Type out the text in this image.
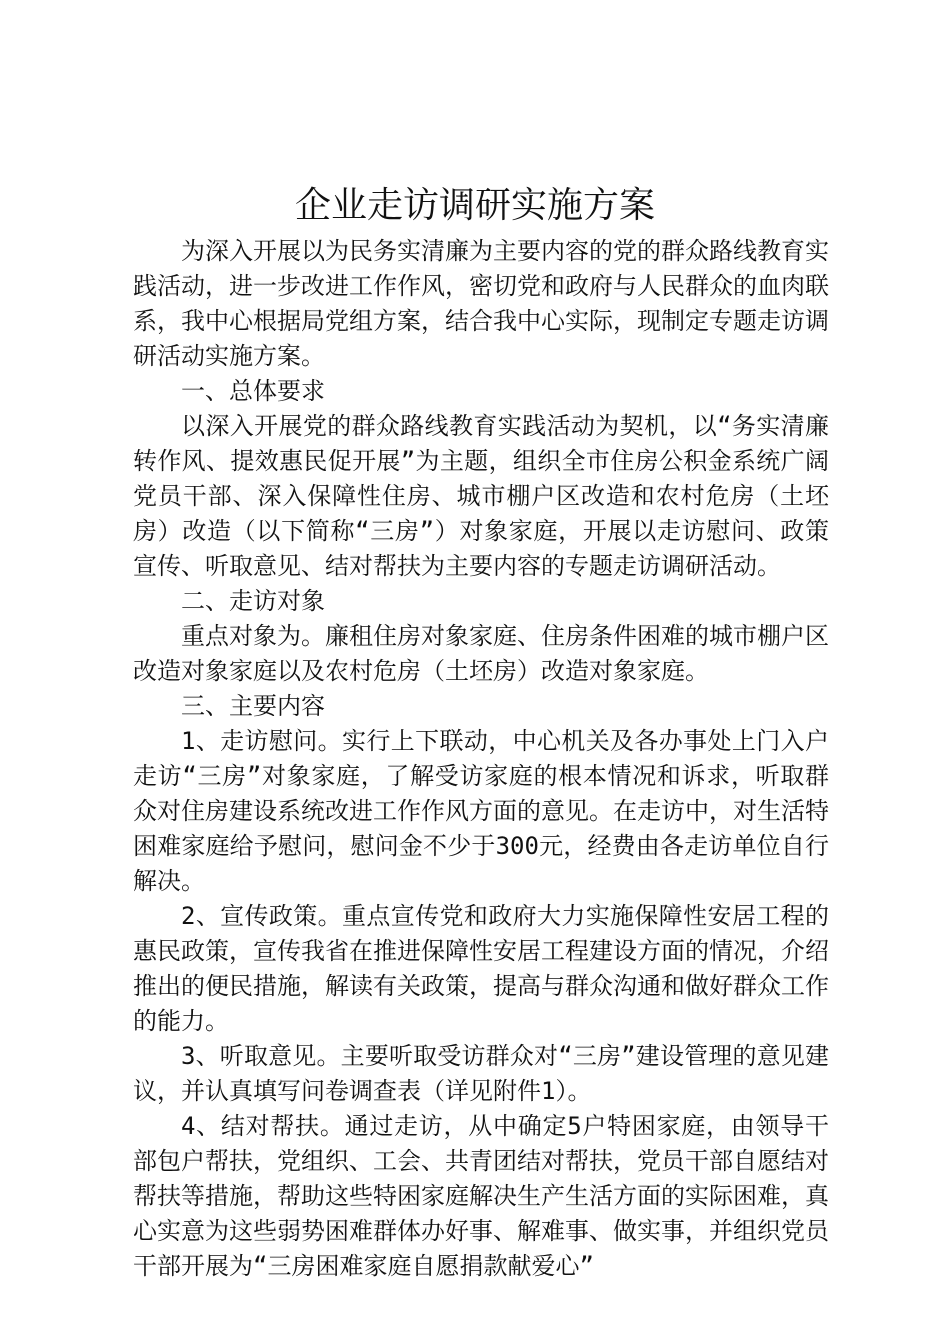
企业走访调研实施方案

为深入开展以为民务实清廉为主要内容的党的群众路线教育实践活动，进一步改进工作作风，密切党和政府与人民群众的血肉联系，我中心根据局党组方案，结合我中心实际，现制定专题走访调研活动实施方案。

一、总体要求

以深入开展党的群众路线教育实践活动为契机，以“务实清廉转作风、提效惠民促开展”为主题，组织全市住房公积金系统广阔党员干部、深入保障性住房、城市棚户区改造和农村危房（土坯房）改造（以下简称“三房”）对象家庭，开展以走访慰问、政策宣传、听取意见、结对帮扶为主要内容的专题走访调研活动。

二、走访对象

重点对象为。廉租住房对象家庭、住房条件困难的城市棚户区改造对象家庭以及农村危房（土坯房）改造对象家庭。

三、主要内容

1、走访慰问。实行上下联动，中心机关及各办事处上门入户走访“三房”对象家庭，了解受访家庭的根本情况和诉求，听取群众对住房建设系统改进工作作风方面的意见。在走访中，对生活特困难家庭给予慰问，慰问金不少于300元，经费由各走访单位自行解决。

2、宣传政策。重点宣传党和政府大力实施保障性安居工程的惠民政策，宣传我省在推进保障性安居工程建设方面的情况，介绍推出的便民措施，解读有关政策，提高与群众沟通和做好群众工作的能力。

3、听取意见。主要听取受访群众对“三房”建设管理的意见建议，并认真填写问卷调查表（详见附件1）。

4、结对帮扶。通过走访，从中确定5户特困家庭，由领导干部包户帮扶，党组织、工会、共青团结对帮扶，党员干部自愿结对帮扶等措施，帮助这些特困家庭解决生产生活方面的实际困难，真心实意为这些弱势困难群体办好事、解难事、做实事，并组织党员干部开展为“三房困难家庭自愿捐款献爱心”
